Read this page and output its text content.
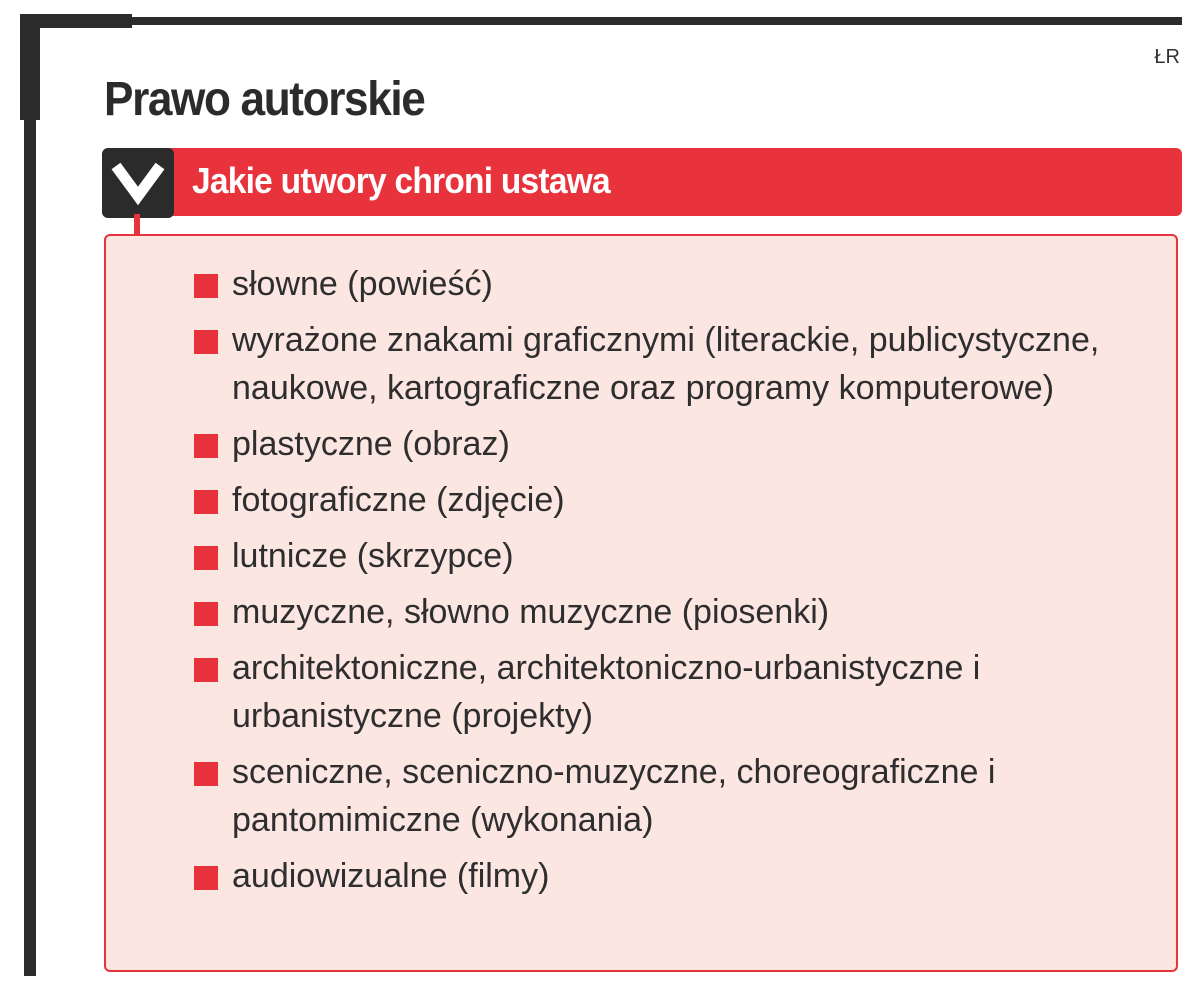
ŁR
Prawo autorskie
Jakie utwory chroni ustawa
słowne (powieść)
wyrażone znakami graficznymi (literackie, publicystyczne, naukowe, kartograficzne oraz programy komputerowe)
plastyczne (obraz)
fotograficzne (zdjęcie)
lutnicze (skrzypce)
muzyczne, słowno muzyczne (piosenki)
architektoniczne, architektoniczno-urbanistyczne i urbanistyczne (projekty)
sceniczne, sceniczno-muzyczne, choreograficzne i pantomimiczne (wykonania)
audiowizualne (filmy)
